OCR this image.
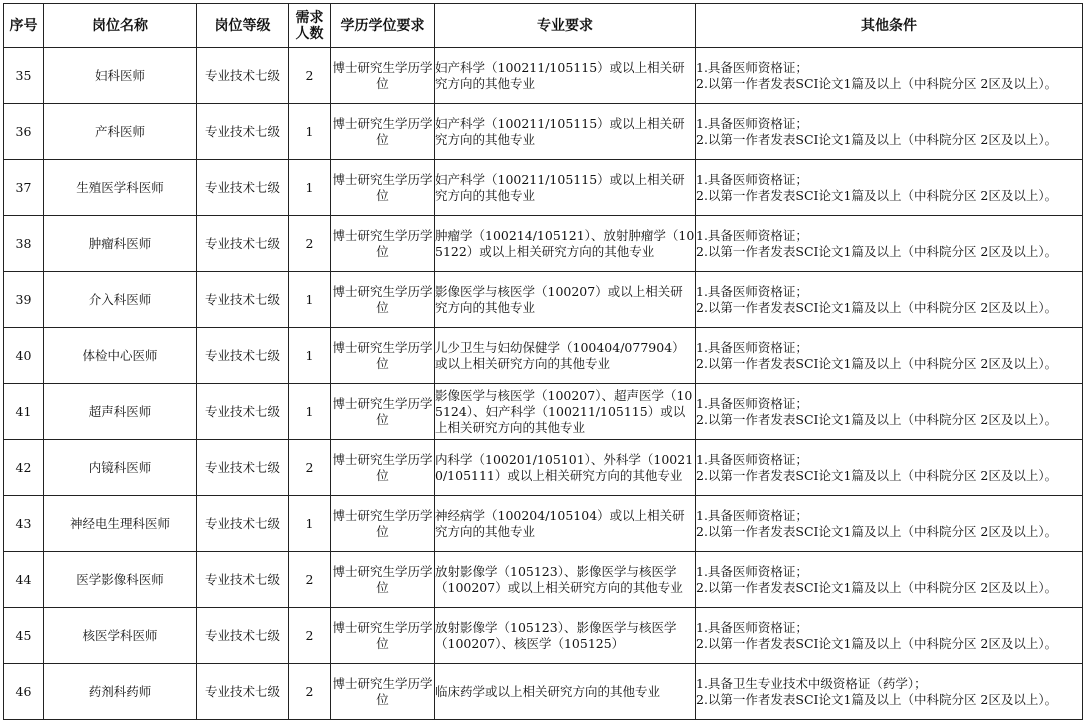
序号	岗位名称	岗位等级	需求人数	学历学位要求	专业要求	其他条件
35	妇科医师	专业技术七级	2	博士研究生学历学位	妇产科学（100211/105115）或以上相关研究方向的其他专业	1.具备医师资格证；
2.以第一作者发表SCI论文1篇及以上（中科院分区 2区及以上）。

36	产科医师	专业技术七级	1	博士研究生学历学位	妇产科学（100211/105115）或以上相关研究方向的其他专业	1.具备医师资格证；
2.以第一作者发表SCI论文1篇及以上（中科院分区 2区及以上）。

37	生殖医学科医师	专业技术七级	1	博士研究生学历学位	妇产科学（100211/105115）或以上相关研究方向的其他专业	1.具备医师资格证；
2.以第一作者发表SCI论文1篇及以上（中科院分区 2区及以上）。

38	肿瘤科医师	专业技术七级	2	博士研究生学历学位	肿瘤学（100214/105121）、放射肿瘤学（105122）或以上相关研究方向的其他专业	1.具备医师资格证；
2.以第一作者发表SCI论文1篇及以上（中科院分区 2区及以上）。

39	介入科医师	专业技术七级	1	博士研究生学历学位	影像医学与核医学（100207）或以上相关研究方向的其他专业	1.具备医师资格证；
2.以第一作者发表SCI论文1篇及以上（中科院分区 2区及以上）。

40	体检中心医师	专业技术七级	1	博士研究生学历学位	儿少卫生与妇幼保健学（100404/077904）或以上相关研究方向的其他专业	1.具备医师资格证；
2.以第一作者发表SCI论文1篇及以上（中科院分区 2区及以上）。

41	超声科医师	专业技术七级	1	博士研究生学历学位	影像医学与核医学（100207）、超声医学（105124）、妇产科学（100211/105115）或以上相关研究方向的其他专业	1.具备医师资格证；
2.以第一作者发表SCI论文1篇及以上（中科院分区 2区及以上）。

42	内镜科医师	专业技术七级	2	博士研究生学历学位	内科学（100201/105101）、外科学（100210/105111）或以上相关研究方向的其他专业	1.具备医师资格证；
2.以第一作者发表SCI论文1篇及以上（中科院分区 2区及以上）。

43	神经电生理科医师	专业技术七级	1	博士研究生学历学位	神经病学（100204/105104）或以上相关研究方向的其他专业	1.具备医师资格证；
2.以第一作者发表SCI论文1篇及以上（中科院分区 2区及以上）。

44	医学影像科医师	专业技术七级	2	博士研究生学历学位	放射影像学（105123）、影像医学与核医学（100207）或以上相关研究方向的其他专业	1.具备医师资格证；
2.以第一作者发表SCI论文1篇及以上（中科院分区 2区及以上）。

45	核医学科医师	专业技术七级	2	博士研究生学历学位	放射影像学（105123）、影像医学与核医学（100207）、核医学（105125）	1.具备医师资格证；
2.以第一作者发表SCI论文1篇及以上（中科院分区 2区及以上）。

46	药剂科药师	专业技术七级	2	博士研究生学历学位	临床药学或以上相关研究方向的其他专业	1.具备卫生专业技术中级资格证（药学）；
2.以第一作者发表SCI论文1篇及以上（中科院分区 2区及以上）。
